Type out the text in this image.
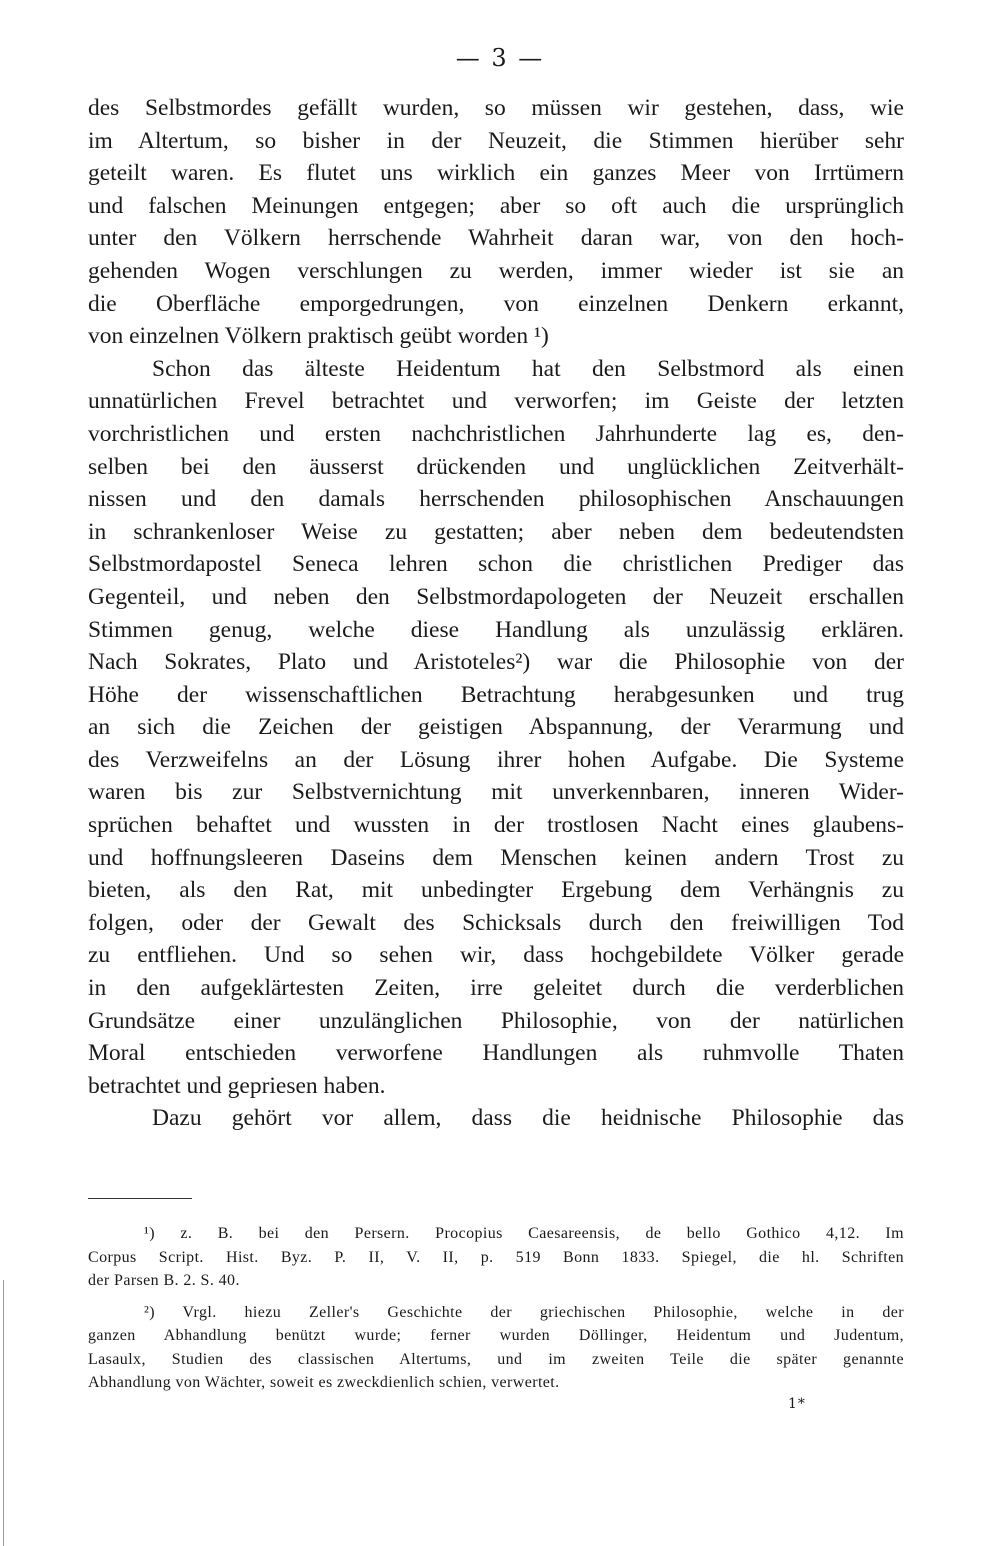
— 3 —
des Selbstmordes gefällt wurden, so müssen wir gestehen, dass, wie
im Altertum, so bisher in der Neuzeit, die Stimmen hierüber sehr
geteilt waren. Es flutet uns wirklich ein ganzes Meer von Irrtümern
und falschen Meinungen entgegen; aber so oft auch die ursprünglich
unter den Völkern herrschende Wahrheit daran war, von den hoch-
gehenden Wogen verschlungen zu werden, immer wieder ist sie an
die Oberfläche emporgedrungen, von einzelnen Denkern erkannt,
von einzelnen Völkern praktisch geübt worden ¹)
Schon das älteste Heidentum hat den Selbstmord als einen
unnatürlichen Frevel betrachtet und verworfen; im Geiste der letzten
vorchristlichen und ersten nachchristlichen Jahrhunderte lag es, den-
selben bei den äusserst drückenden und unglücklichen Zeitverhält-
nissen und den damals herrschenden philosophischen Anschauungen
in schrankenloser Weise zu gestatten; aber neben dem bedeutendsten
Selbstmordapostel Seneca lehren schon die christlichen Prediger das
Gegenteil, und neben den Selbstmordapologeten der Neuzeit erschallen
Stimmen genug, welche diese Handlung als unzulässig erklären.
Nach Sokrates, Plato und Aristoteles²) war die Philosophie von der
Höhe der wissenschaftlichen Betrachtung herabgesunken und trug
an sich die Zeichen der geistigen Abspannung, der Verarmung und
des Verzweifelns an der Lösung ihrer hohen Aufgabe. Die Systeme
waren bis zur Selbstvernichtung mit unverkennbaren, inneren Wider-
sprüchen behaftet und wussten in der trostlosen Nacht eines glaubens-
und hoffnungsleeren Daseins dem Menschen keinen andern Trost zu
bieten, als den Rat, mit unbedingter Ergebung dem Verhängnis zu
folgen, oder der Gewalt des Schicksals durch den freiwilligen Tod
zu entfliehen. Und so sehen wir, dass hochgebildete Völker gerade
in den aufgeklärtesten Zeiten, irre geleitet durch die verderblichen
Grundsätze einer unzulänglichen Philosophie, von der natürlichen
Moral entschieden verworfene Handlungen als ruhmvolle Thaten
betrachtet und gepriesen haben.
Dazu gehört vor allem, dass die heidnische Philosophie das
¹) z. B. bei den Persern. Procopius Caesareensis, de bello Gothico 4,12. Im
Corpus Script. Hist. Byz. P. II, V. II, p. 519 Bonn 1833. Spiegel, die hl. Schriften
der Parsen B. 2. S. 40.
²) Vrgl. hiezu Zeller's Geschichte der griechischen Philosophie, welche in der
ganzen Abhandlung benützt wurde; ferner wurden Döllinger, Heidentum und Judentum,
Lasaulx, Studien des classischen Altertums, und im zweiten Teile die später genannte
Abhandlung von Wächter, soweit es zweckdienlich schien, verwertet.
1*
